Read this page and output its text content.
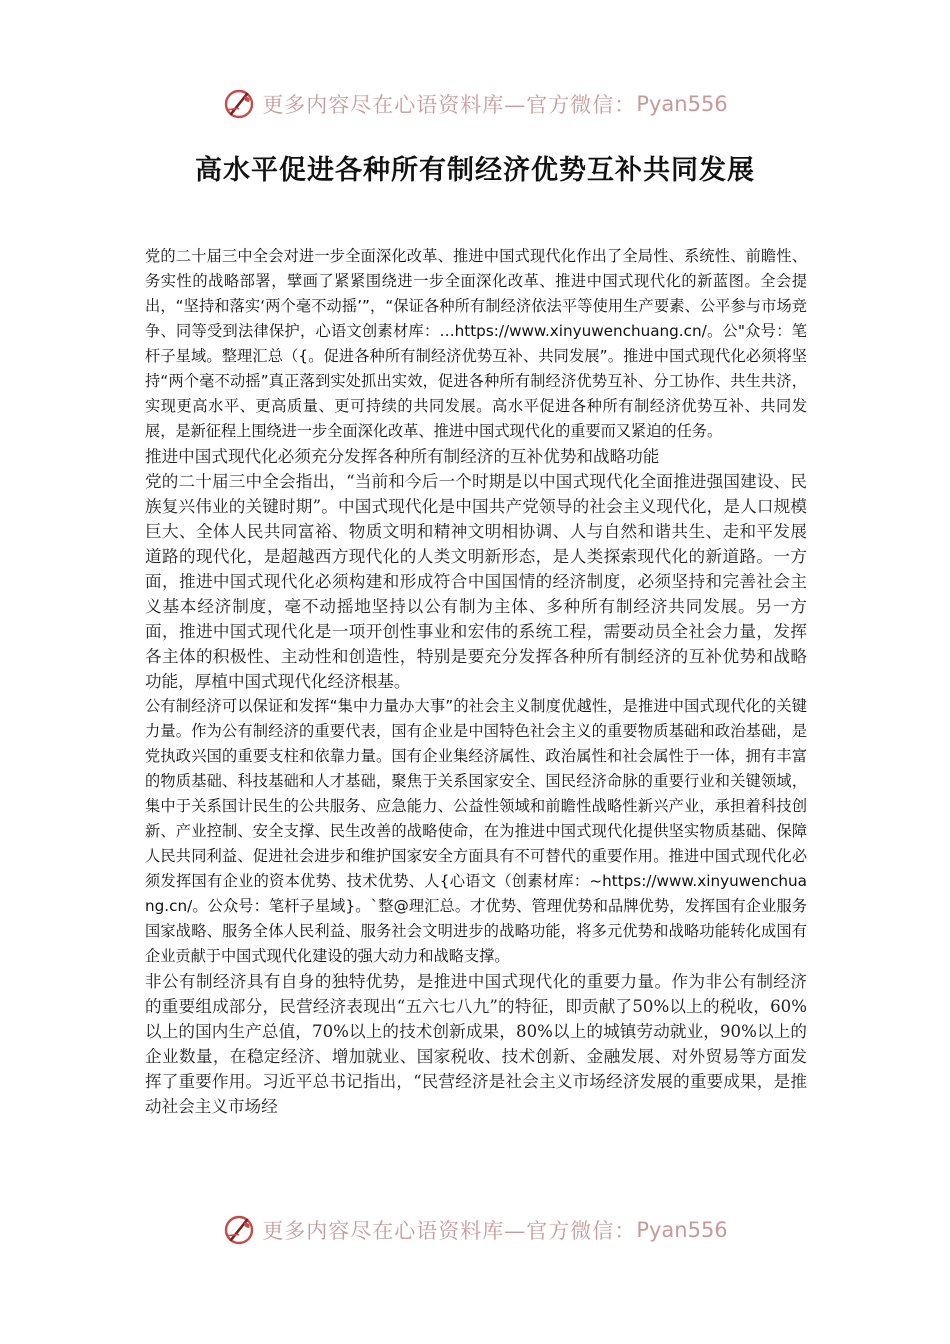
更多内容尽在心语资料库—官方微信： Pyan556
高水平促进各种所有制经济优势互补共同发展

党的二十届三中全会对进一步全面深化改革、推进中国式现代化作出了全局性、系统性、前瞻性、务实性的战略部署，擘画了紧紧围绕进一步全面深化改革、推进中国式现代化的新蓝图。全会提出，“坚持和落实‘两个毫不动摇’”，“保证各种所有制经济依法平等使用生产要素、公平参与市场竞争、同等受到法律保护，心语文创素材库：…https://www.xinyuwenchuang.cn/。公"众号：笔杆子星域。整理汇总（{。促进各种所有制经济优势互补、共同发展”。推进中国式现代化必须将坚持“两个毫不动摇”真正落到实处抓出实效，促进各种所有制经济优势互补、分工协作、共生共济，实现更高水平、更高质量、更可持续的共同发展。高水平促进各种所有制经济优势互补、共同发展，是新征程上围绕进一步全面深化改革、推进中国式现代化的重要而又紧迫的任务。

推进中国式现代化必须充分发挥各种所有制经济的互补优势和战略功能

党的二十届三中全会指出，“当前和今后一个时期是以中国式现代化全面推进强国建设、民族复兴伟业的关键时期”。中国式现代化是中国共产党领导的社会主义现代化，是人口规模巨大、全体人民共同富裕、物质文明和精神文明相协调、人与自然和谐共生、走和平发展道路的现代化，是超越西方现代化的人类文明新形态，是人类探索现代化的新道路。一方面，推进中国式现代化必须构建和形成符合中国国情的经济制度，必须坚持和完善社会主义基本经济制度，毫不动摇地坚持以公有制为主体、多种所有制经济共同发展。另一方面，推进中国式现代化是一项开创性事业和宏伟的系统工程，需要动员全社会力量，发挥各主体的积极性、主动性和创造性，特别是要充分发挥各种所有制经济的互补优势和战略功能，厚植中国式现代化经济根基。

公有制经济可以保证和发挥“集中力量办大事”的社会主义制度优越性，是推进中国式现代化的关键力量。作为公有制经济的重要代表，国有企业是中国特色社会主义的重要物质基础和政治基础，是党执政兴国的重要支柱和依靠力量。国有企业集经济属性、政治属性和社会属性于一体，拥有丰富的物质基础、科技基础和人才基础，聚焦于关系国家安全、国民经济命脉的重要行业和关键领域，集中于关系国计民生的公共服务、应急能力、公益性领域和前瞻性战略性新兴产业，承担着科技创新、产业控制、安全支撑、民生改善的战略使命，在为推进中国式现代化提供坚实物质基础、保障人民共同利益、促进社会进步和维护国家安全方面具有不可替代的重要作用。推进中国式现代化必须发挥国有企业的资本优势、技术优势、人{心语文（创素材库：~https://www.xinyuwenchuang.cn/。公众号：笔杆子星域}。`整@理汇总。才优势、管理优势和品牌优势，发挥国有企业服务国家战略、服务全体人民利益、服务社会文明进步的战略功能，将多元优势和战略功能转化成国有企业贡献于中国式现代化建设的强大动力和战略支撑。

非公有制经济具有自身的独特优势，是推进中国式现代化的重要力量。作为非公有制经济的重要组成部分，民营经济表现出“五六七八九”的特征，即贡献了50%以上的税收，60%以上的国内生产总值，70%以上的技术创新成果，80%以上的城镇劳动就业，90%以上的企业数量，在稳定经济、增加就业、国家税收、技术创新、金融发展、对外贸易等方面发挥了重要作用。习近平总书记指出，“民营经济是社会主义市场经济发展的重要成果，是推动社会主义市场经

更多内容尽在心语资料库—官方微信： Pyan556
